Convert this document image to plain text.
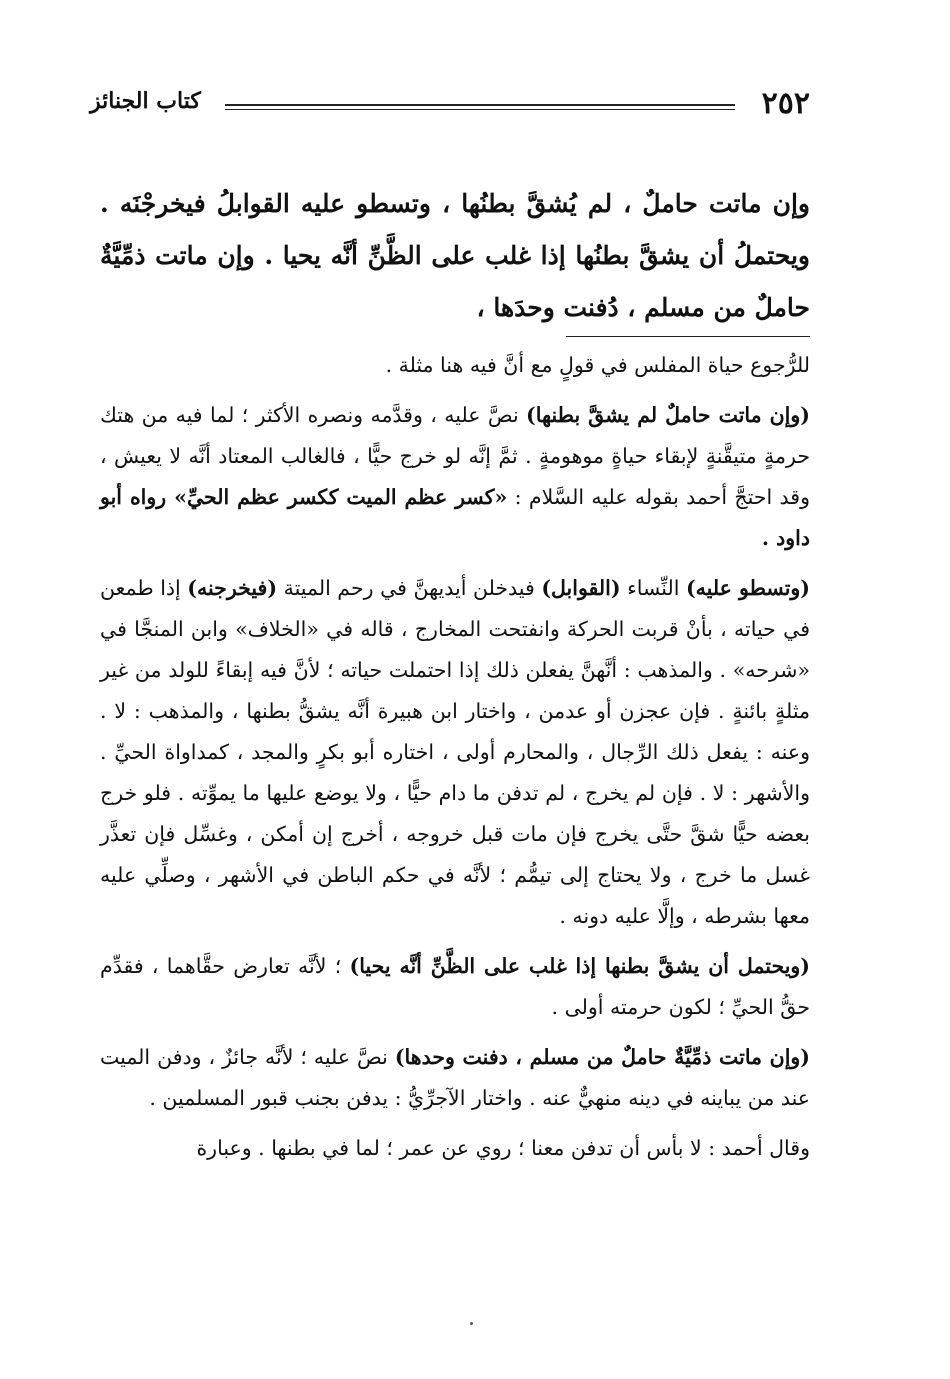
٢٥٢
كتاب الجنائز
وإن ماتت حاملٌ ، لم يُشقَّ بطنُها ، وتسطو عليه القوابلُ فيخرجْنَه . ويحتملُ أن يشقَّ بطنُها إذا غلب على الظَّنِّ أنَّه يحيا . وإن ماتت ذمِّيَّةٌ حاملٌ من مسلم ، دُفنت وحدَها ،

للرُّجوع حياة المفلس في قولٍ مع أنَّ فيه هنا مثلة .

(وإن ماتت حاملٌ لم يشقَّ بطنها) نصَّ عليه ، وقدَّمه ونصره الأكثر ؛ لما فيه من هتك حرمةٍ متيقَّنةٍ لإبقاء حياةٍ موهومةٍ . ثمَّ إنَّه لو خرج حيًّا ، فالغالب المعتاد أنَّه لا يعيش ، وقد احتجَّ أحمد بقوله عليه السَّلام : «كسر عظم الميت ككسر عظم الحيِّ» رواه أبو داود .

(وتسطو عليه) النِّساء (القوابل) فيدخلن أيديهنَّ في رحم الميتة (فيخرجنه) إذا طمعن في حياته ، بأنْ قربت الحركة وانفتحت المخارج ، قاله في «الخلاف» وابن المنجَّا في «شرحه» . والمذهب : أنَّهنَّ يفعلن ذلك إذا احتملت حياته ؛ لأنَّ فيه إبقاءً للولد من غير مثلةٍ بائنةٍ . فإن عجزن أو عدمن ، واختار ابن هبيرة أنَّه يشقُّ بطنها ، والمذهب : لا . وعنه : يفعل ذلك الرِّجال ، والمحارم أولى ، اختاره أبو بكرٍ والمجد ، كمداواة الحيِّ . والأشهر : لا . فإن لم يخرج ، لم تدفن ما دام حيًّا ، ولا يوضع عليها ما يموِّته . فلو خرج بعضه حيًّا شقَّ حتَّى يخرج فإن مات قبل خروجه ، أخرج إن أمكن ، وغسِّل فإن تعذَّر غسل ما خرج ، ولا يحتاج إلى تيمُّم ؛ لأنَّه في حكم الباطن في الأشهر ، وصلِّي عليه معها بشرطه ، وإلَّا عليه دونه .

(ويحتمل أن يشقَّ بطنها إذا غلب على الظَّنِّ أنَّه يحيا) ؛ لأنَّه تعارض حقَّاهما ، فقدِّم حقُّ الحيِّ ؛ لكون حرمته أولى .

(وإن ماتت ذمِّيَّةٌ حاملٌ من مسلم ، دفنت وحدها) نصَّ عليه ؛ لأنَّه جائزٌ ، ودفن الميت عند من يباينه في دينه منهيٌّ عنه . واختار الآجرِّيُّ : يدفن بجنب قبور المسلمين .

وقال أحمد : لا بأس أن تدفن معنا ؛ روي عن عمر ؛ لما في بطنها . وعبارة
